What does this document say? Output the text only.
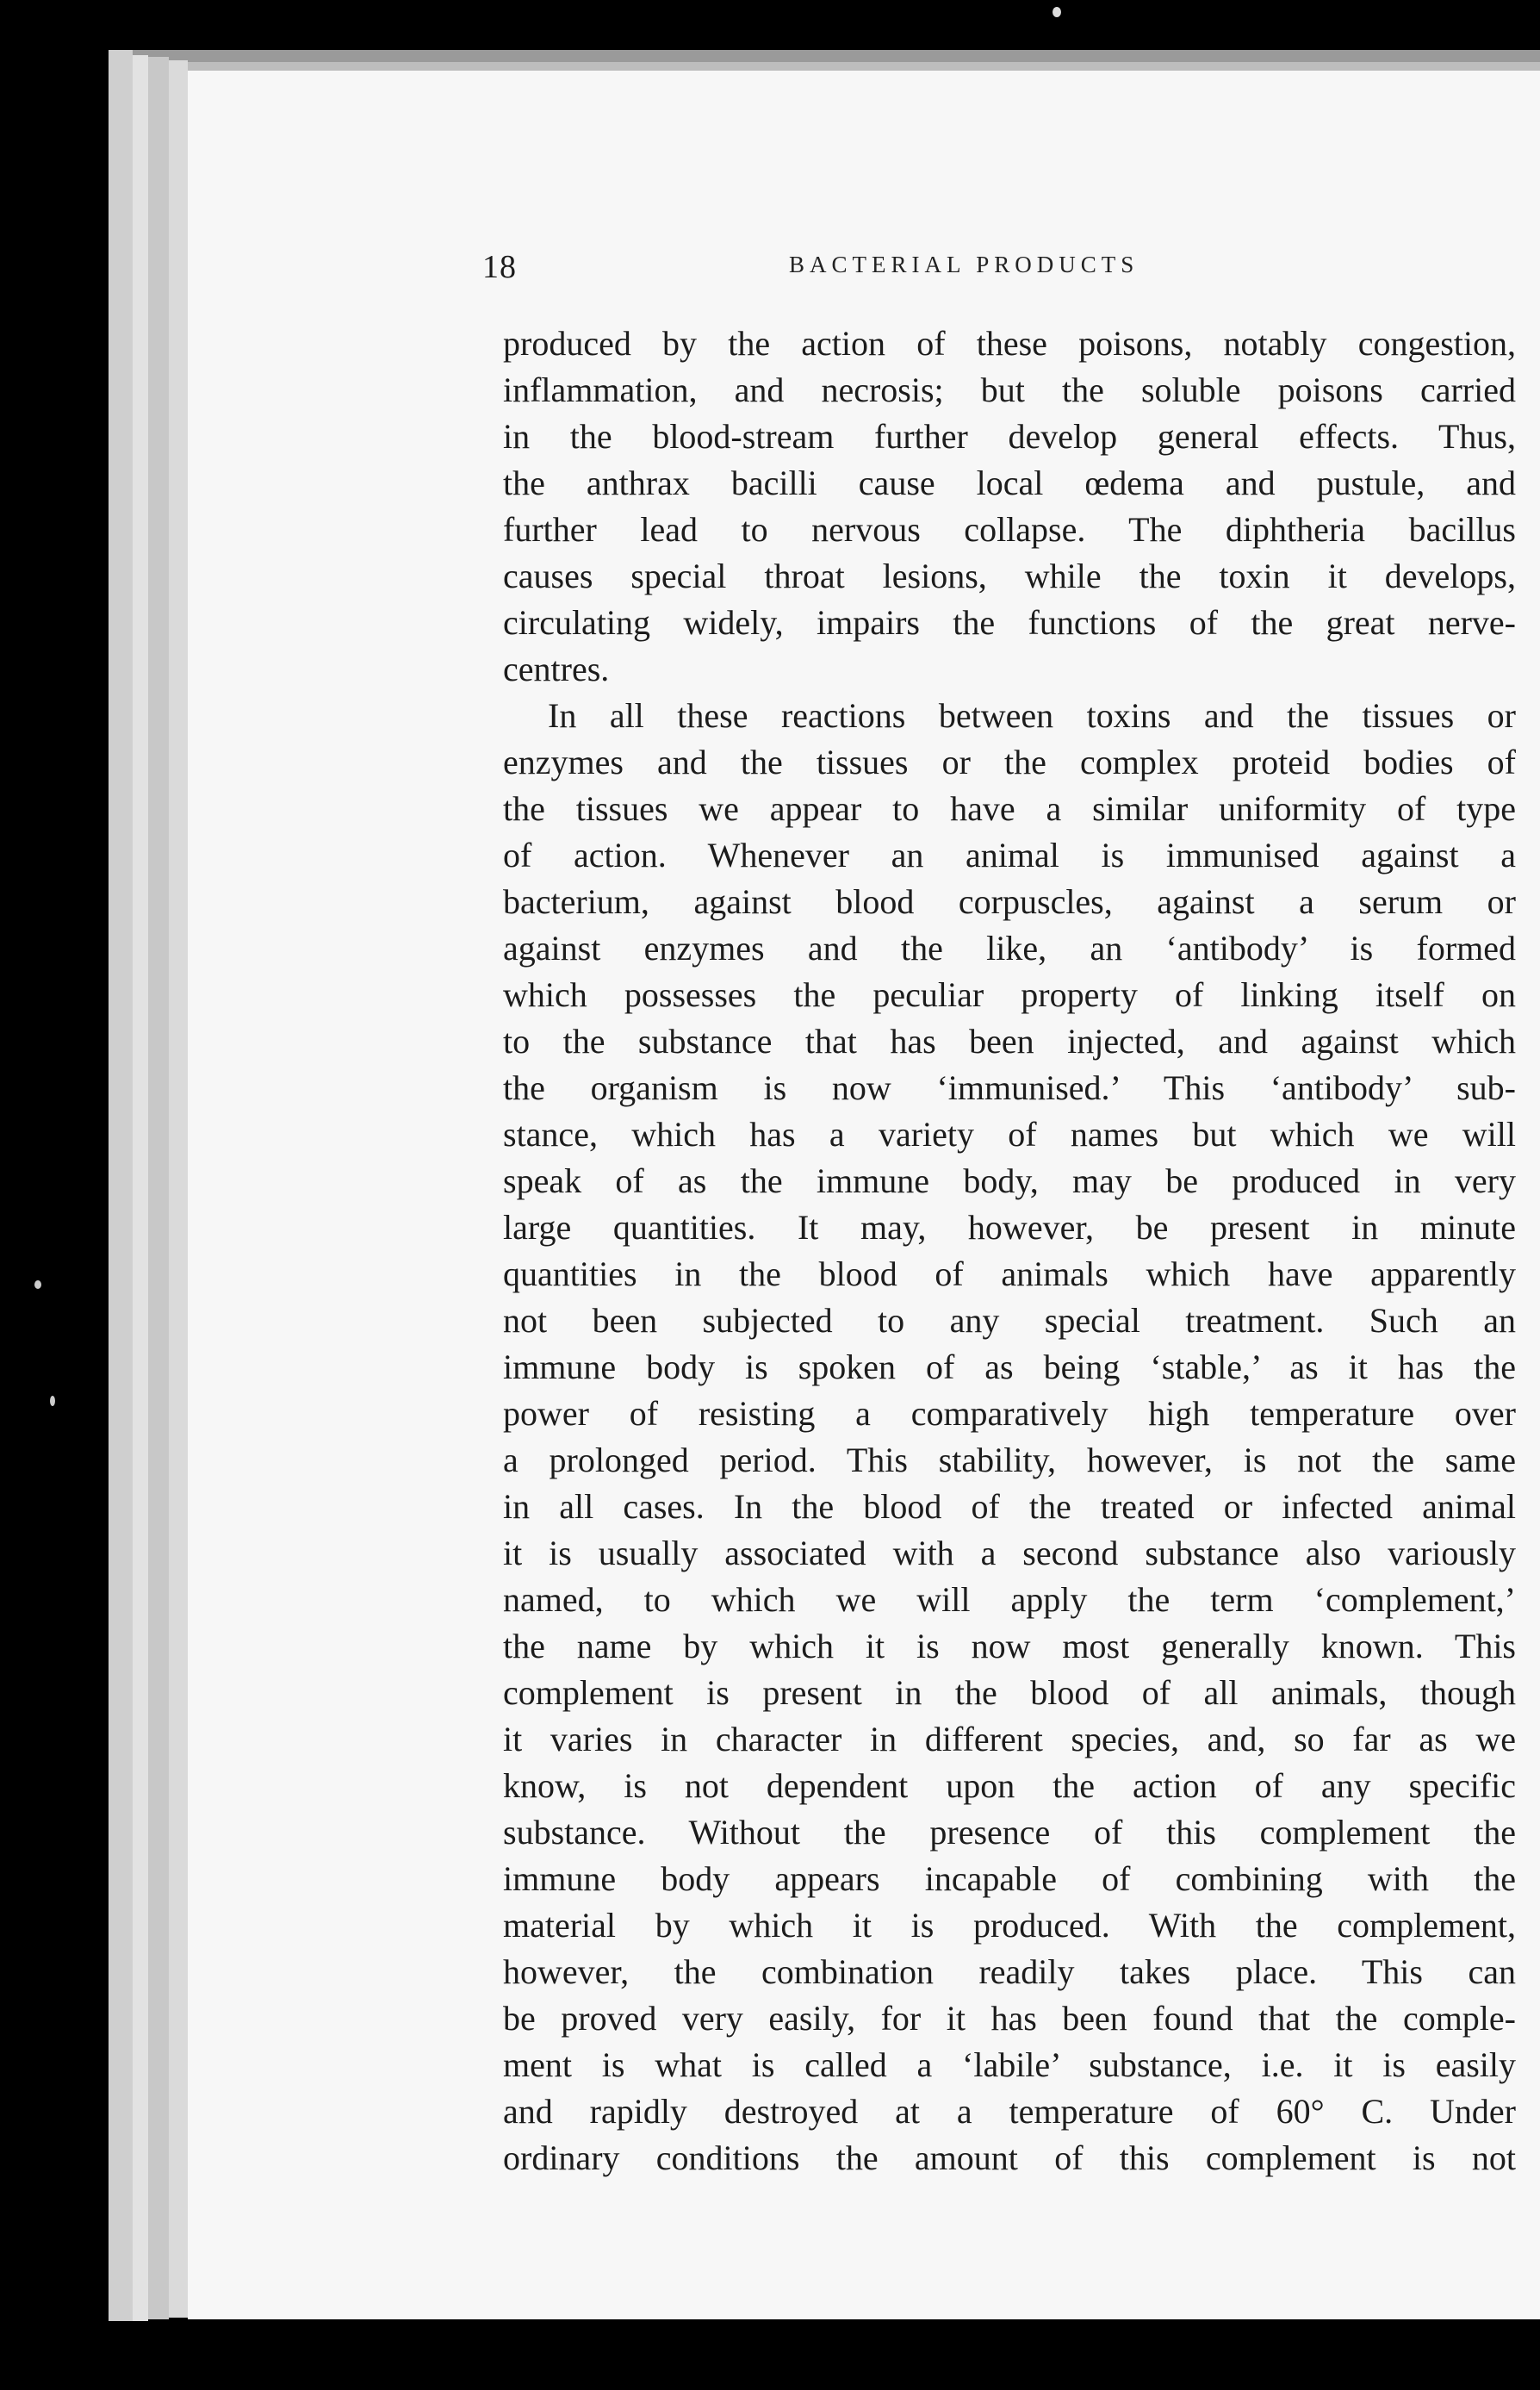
18	BACTERIAL PRODUCTS
produced by the action of these poisons, notably congestion,
inflammation, and necrosis; but the soluble poisons carried
in the blood-stream further develop general effects. Thus,
the anthrax bacilli cause local œdema and pustule, and
further lead to nervous collapse. The diphtheria bacillus
causes special throat lesions, while the toxin it develops,
circulating widely, impairs the functions of the great nerve-
centres.
In all these reactions between toxins and the tissues or
enzymes and the tissues or the complex proteid bodies of
the tissues we appear to have a similar uniformity of type
of action. Whenever an animal is immunised against a
bacterium, against blood corpuscles, against a serum or
against enzymes and the like, an ‘antibody’ is formed
which possesses the peculiar property of linking itself on
to the substance that has been injected, and against which
the organism is now ‘immunised.’ This ‘antibody’ sub-
stance, which has a variety of names but which we will
speak of as the immune body, may be produced in very
large quantities. It may, however, be present in minute
quantities in the blood of animals which have apparently
not been subjected to any special treatment. Such an
immune body is spoken of as being ‘stable,’ as it has the
power of resisting a comparatively high temperature over
a prolonged period. This stability, however, is not the same
in all cases. In the blood of the treated or infected animal
it is usually associated with a second substance also variously
named, to which we will apply the term ‘complement,’
the name by which it is now most generally known. This
complement is present in the blood of all animals, though
it varies in character in different species, and, so far as we
know, is not dependent upon the action of any specific
substance. Without the presence of this complement the
immune body appears incapable of combining with the
material by which it is produced. With the complement,
however, the combination readily takes place. This can
be proved very easily, for it has been found that the comple-
ment is what is called a ‘labile’ substance, i.e. it is easily
and rapidly destroyed at a temperature of 60° C. Under
ordinary conditions the amount of this complement is not
